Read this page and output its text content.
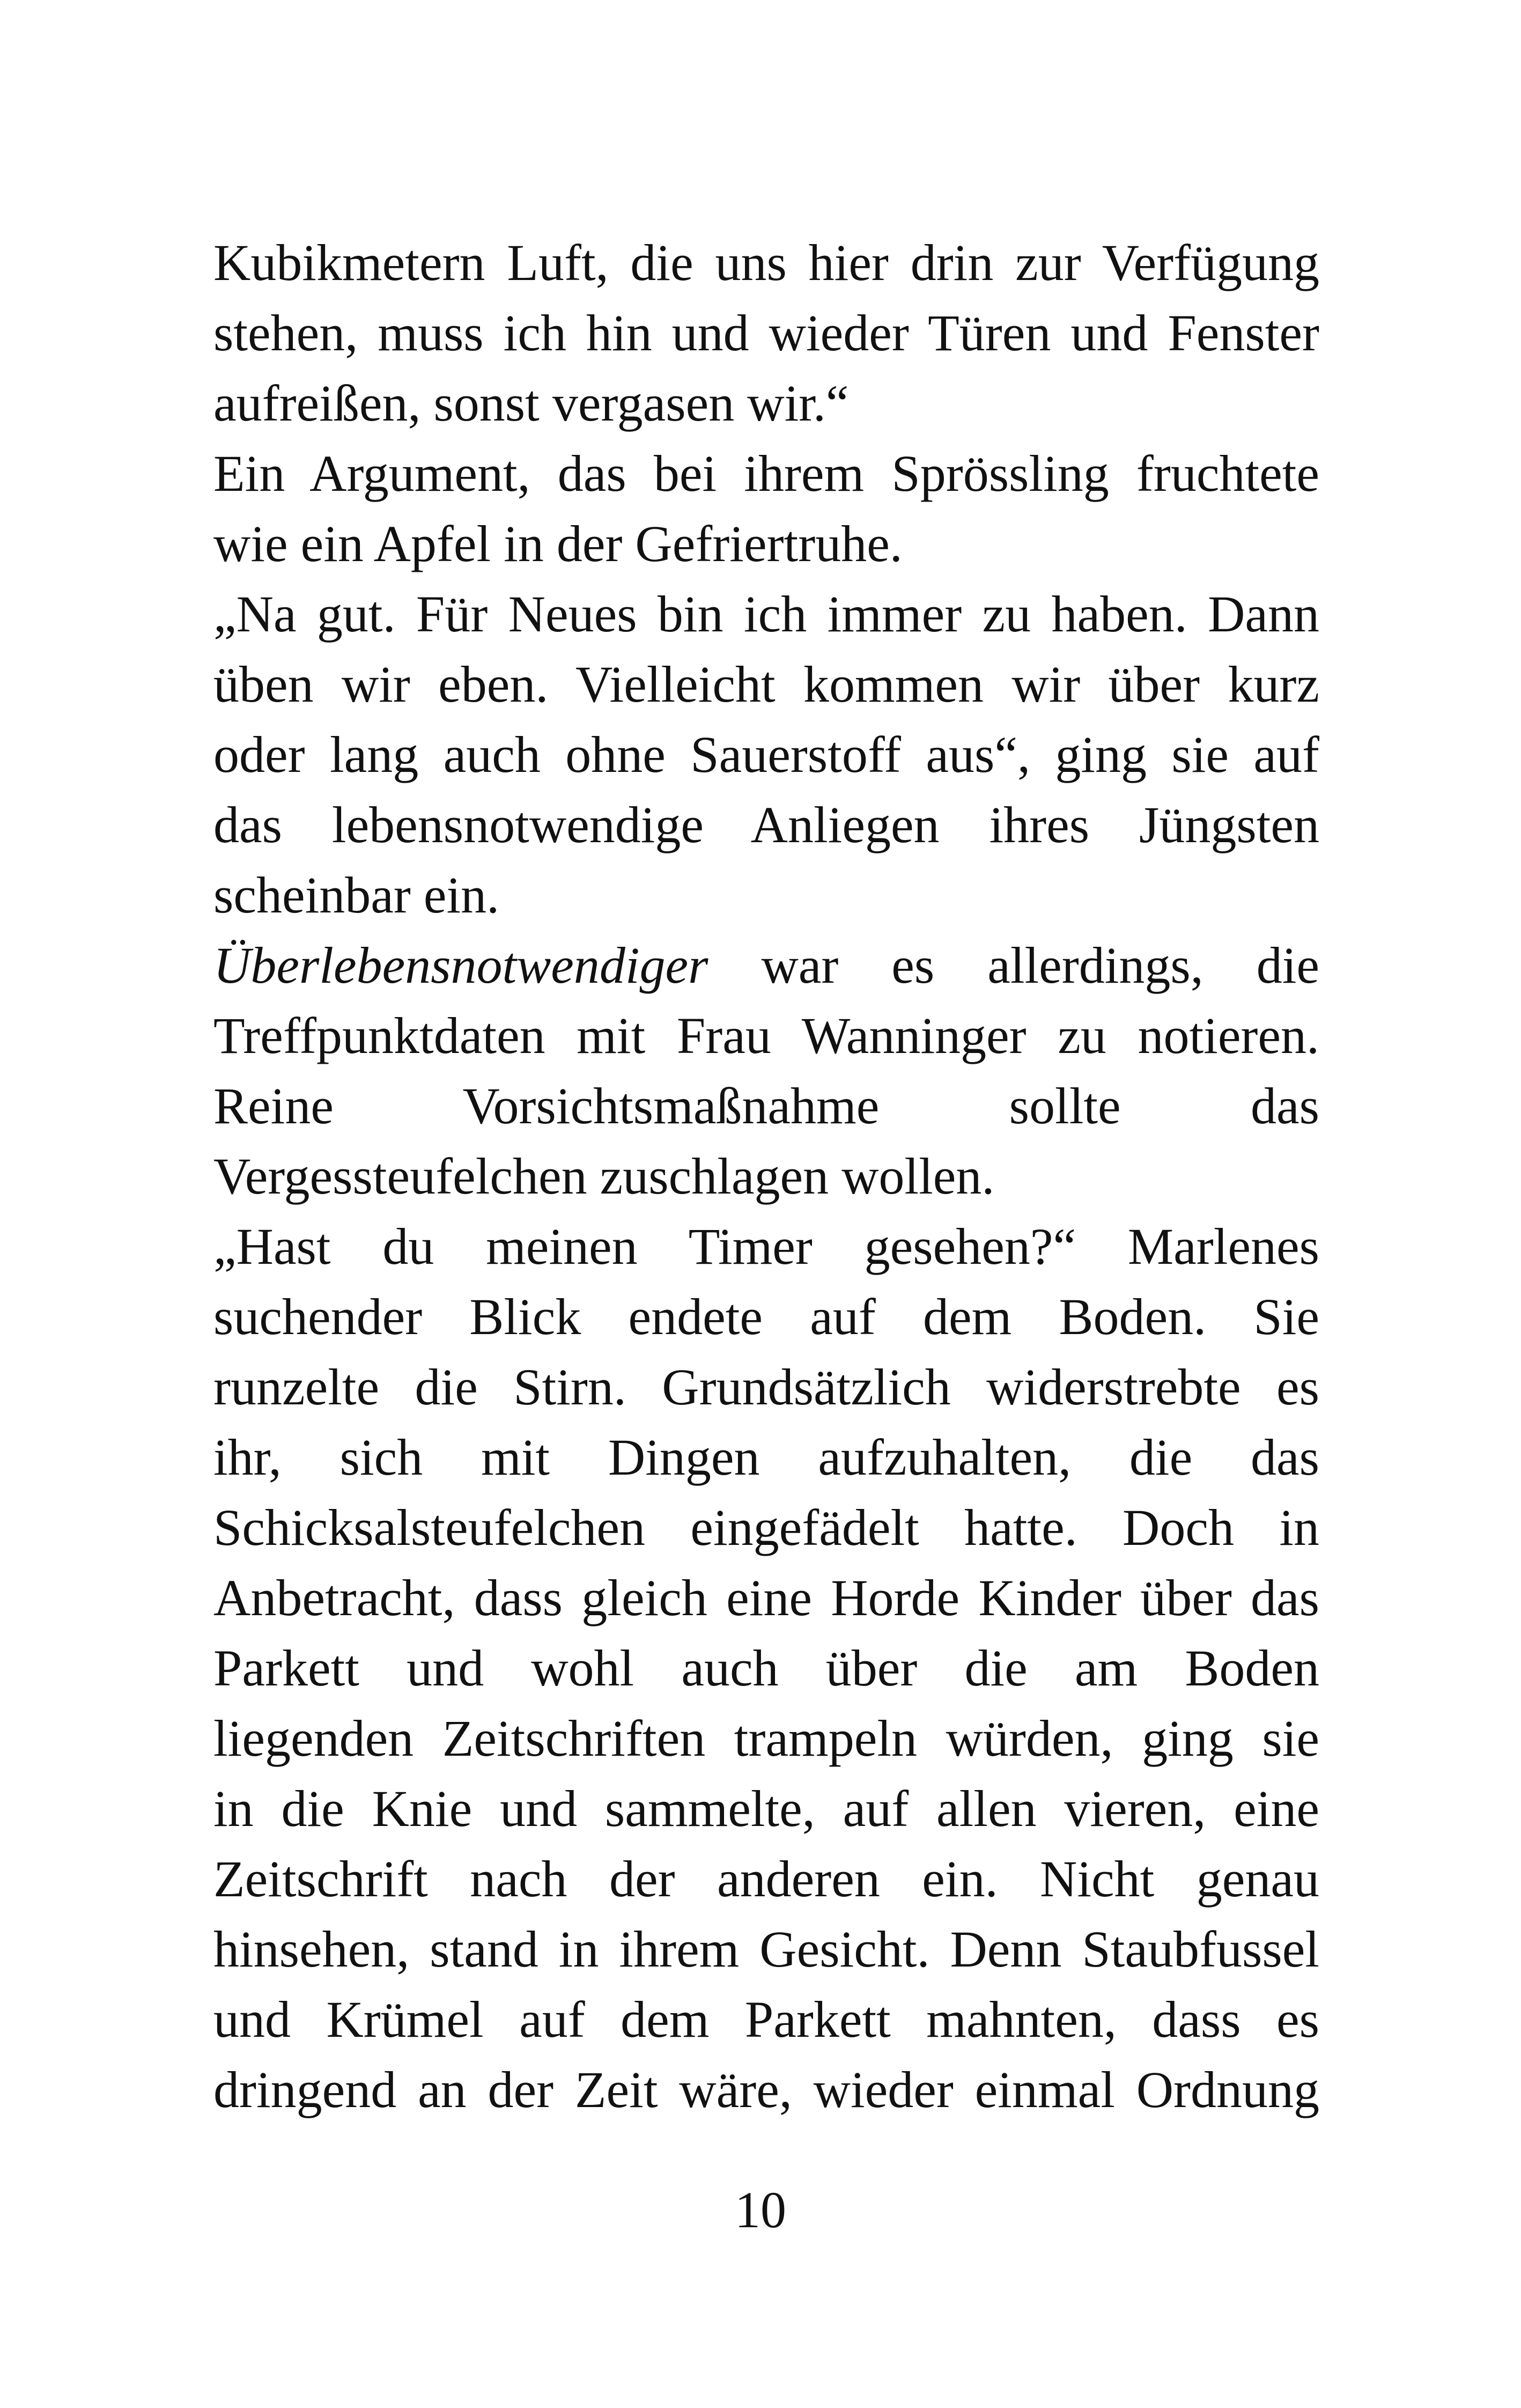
Kubikmetern Luft, die uns hier drin zur Verfügung
stehen, muss ich hin und wieder Türen und Fenster
aufreißen, sonst vergasen wir.“
Ein Argument, das bei ihrem Sprössling fruchtete
wie ein Apfel in der Gefriertruhe.
„Na gut. Für Neues bin ich immer zu haben. Dann
üben wir eben. Vielleicht kommen wir über kurz
oder lang auch ohne Sauerstoff aus“, ging sie auf
das lebensnotwendige Anliegen ihres Jüngsten
scheinbar ein.
Überlebensnotwendiger war es allerdings, die
Treffpunktdaten mit Frau Wanninger zu notieren.
Reine Vorsichtsmaßnahme sollte das
Vergessteufelchen zuschlagen wollen.
„Hast du meinen Timer gesehen?“ Marlenes
suchender Blick endete auf dem Boden. Sie
runzelte die Stirn. Grundsätzlich widerstrebte es
ihr, sich mit Dingen aufzuhalten, die das
Schicksalsteufelchen eingefädelt hatte. Doch in
Anbetracht, dass gleich eine Horde Kinder über das
Parkett und wohl auch über die am Boden
liegenden Zeitschriften trampeln würden, ging sie
in die Knie und sammelte, auf allen vieren, eine
Zeitschrift nach der anderen ein. Nicht genau
hinsehen, stand in ihrem Gesicht. Denn Staubfussel
und Krümel auf dem Parkett mahnten, dass es
dringend an der Zeit wäre, wieder einmal Ordnung
10
